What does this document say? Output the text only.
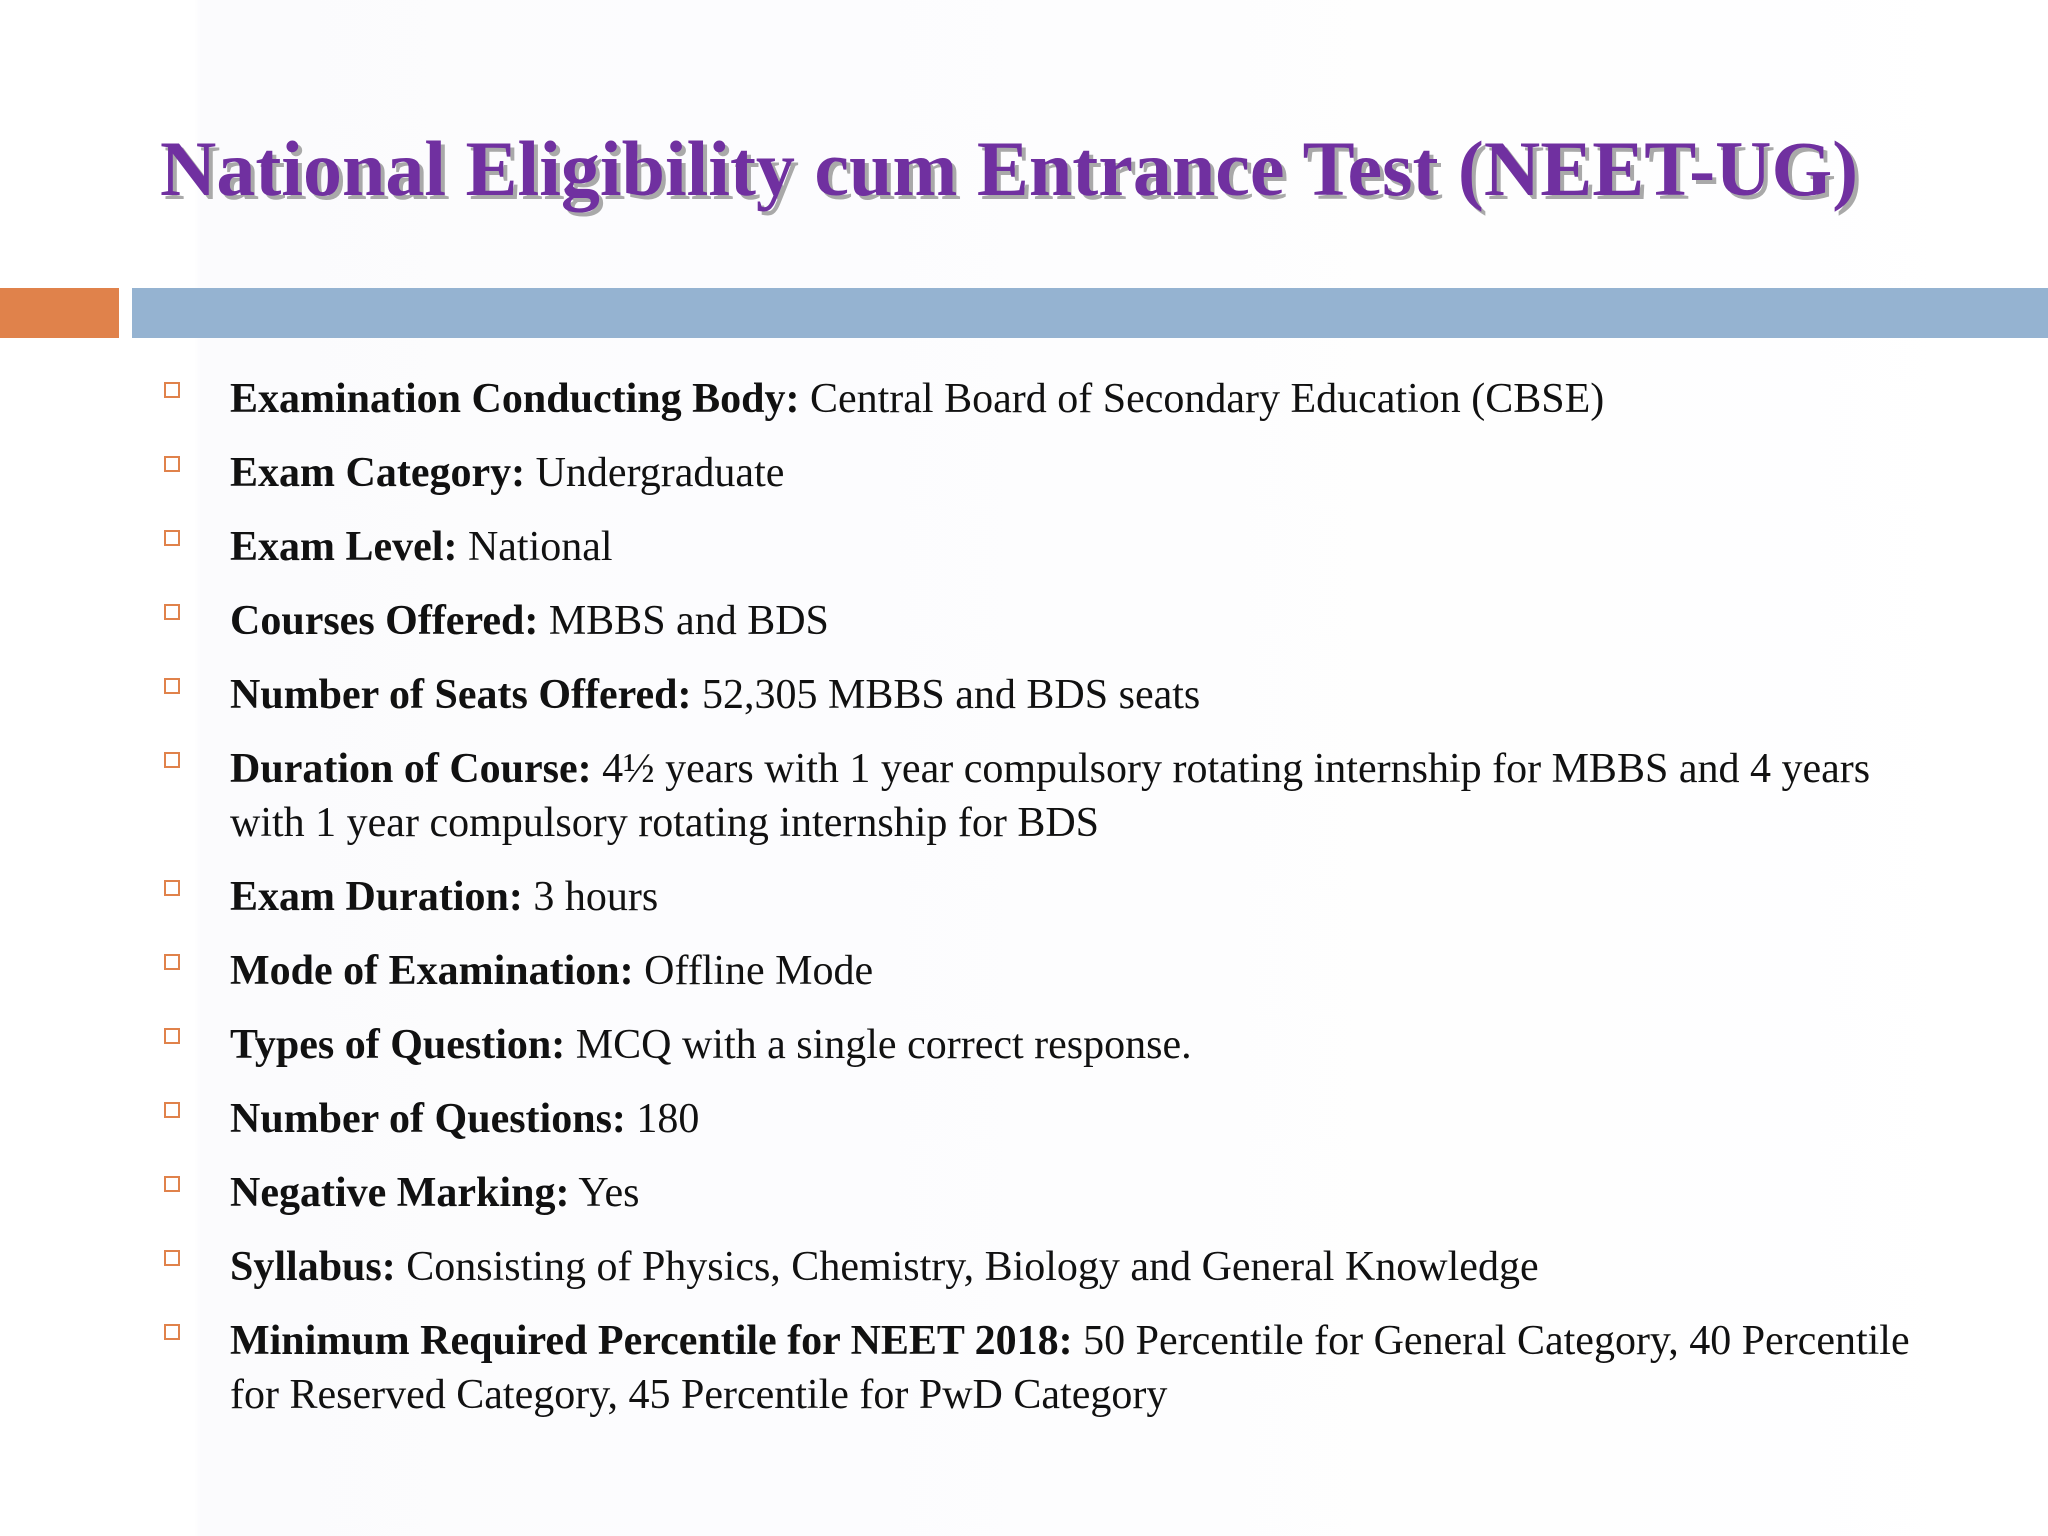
National Eligibility cum Entrance Test (NEET-UG)
Examination Conducting Body: Central Board of Secondary Education (CBSE)
Exam Category: Undergraduate
Exam Level: National
Courses Offered: MBBS and BDS
Number of Seats Offered: 52,305 MBBS and BDS seats
Duration of Course: 4½ years with 1 year compulsory rotating internship for MBBS and 4 years with 1 year compulsory rotating internship for BDS
Exam Duration: 3 hours
Mode of Examination: Offline Mode
Types of Question: MCQ with a single correct response.
Number of Questions: 180
Negative Marking: Yes
Syllabus: Consisting of Physics, Chemistry, Biology and General Knowledge
Minimum Required Percentile for NEET 2018: 50 Percentile for General Category, 40 Percentile for Reserved Category, 45 Percentile for PwD Category
